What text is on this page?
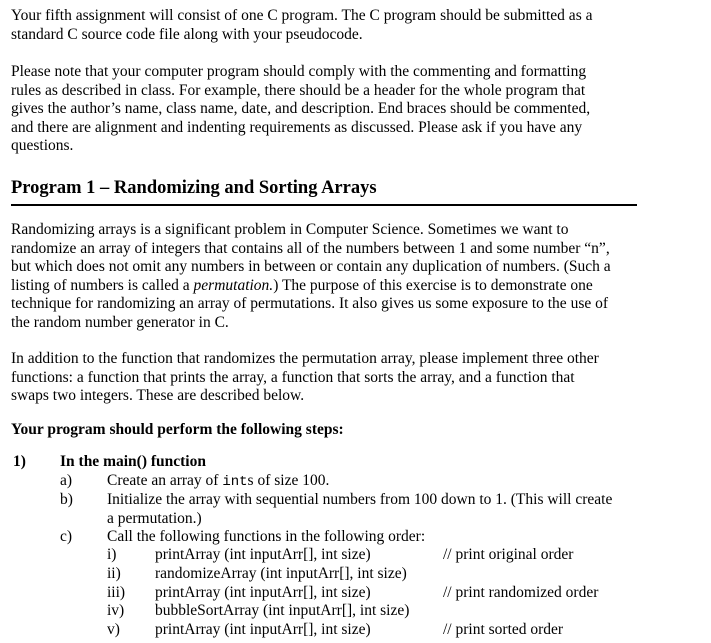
Your fifth assignment will consist of one C program. The C program should be submitted as a
standard C source code file along with your pseudocode.

Please note that your computer program should comply with the commenting and formatting
rules as described in class. For example, there should be a header for the whole program that
gives the author’s name, class name, date, and description. End braces should be commented,
and there are alignment and indenting requirements as discussed. Please ask if you have any
questions.

Program 1 – Randomizing and Sorting Arrays

Randomizing arrays is a significant problem in Computer Science. Sometimes we want to
randomize an array of integers that contains all of the numbers between 1 and some number “n”,
but which does not omit any numbers in between or contain any duplication of numbers. (Such a
listing of numbers is called a permutation.) The purpose of this exercise is to demonstrate one
technique for randomizing an array of permutations. It also gives us some exposure to the use of
the random number generator in C.

In addition to the function that randomizes the permutation array, please implement three other
functions: a function that prints the array, a function that sorts the array, and a function that
swaps two integers. These are described below.

Your program should perform the following steps:
1) In the main() function
a) Create an array of ints of size 100.
b) Initialize the array with sequential numbers from 100 down to 1. (This will create
a permutation.)
c) Call the following functions in the following order:
i) printArray (int inputArr[], int size)	// print original order
ii) randomizeArray (int inputArr[], int size)
iii) printArray (int inputArr[], int size)	// print randomized order
iv) bubbleSortArray (int inputArr[], int size)
v) printArray (int inputArr[], int size)	// print sorted order
